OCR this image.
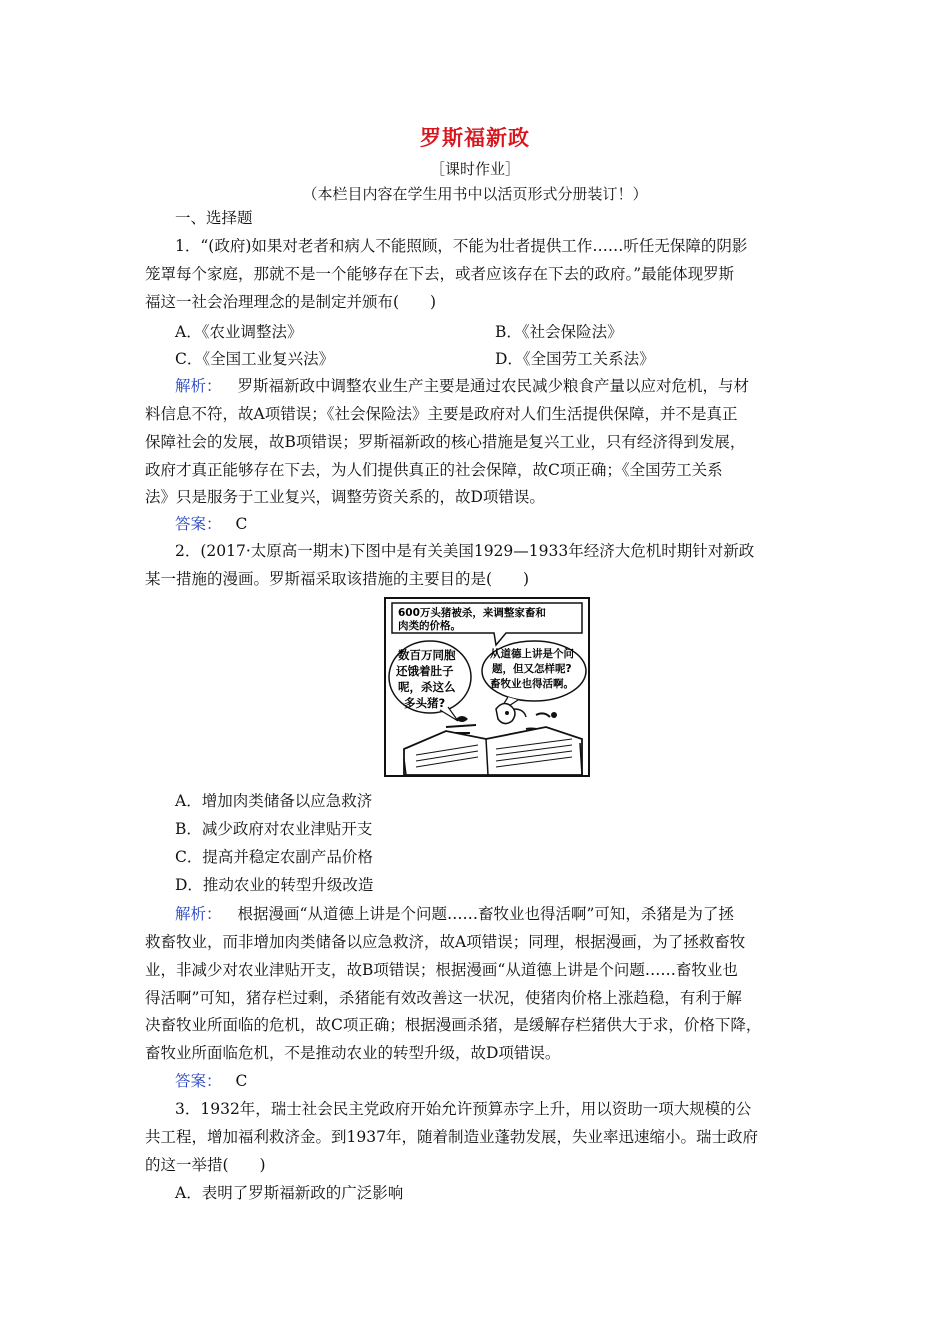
罗斯福新政
［课时作业］
（本栏目内容在学生用书中以活页形式分册装订！）
一、选择题
1．“(政府)如果对老者和病人不能照顾，不能为壮者提供工作……听任无保障的阴影
笼罩每个家庭，那就不是一个能够存在下去，或者应该存在下去的政府。”最能体现罗斯
福这一社会治理理念的是制定并颁布(　　)
A．《农业调整法》	B．《社会保险法》
C．《全国工业复兴法》	D．《全国劳工关系法》
解析： 罗斯福新政中调整农业生产主要是通过农民减少粮食产量以应对危机，与材
料信息不符，故A项错误；《社会保险法》主要是政府对人们生活提供保障，并不是真正
保障社会的发展，故B项错误；罗斯福新政的核心措施是复兴工业，只有经济得到发展，
政府才真正能够存在下去，为人们提供真正的社会保障，故C项正确；《全国劳工关系
法》只是服务于工业复兴，调整劳资关系的，故D项错误。
答案： C
2．(2017·太原高一期末)下图中是有关美国1929—1933年经济大危机时期针对新政
某一措施的漫画。罗斯福采取该措施的主要目的是(　　)
600万头猪被杀，来调整家畜和
肉类的价格。
数百万同胞
还饿着肚子
呢，杀这么
多头猪?
从道德上讲是个问
题，但又怎样呢?
畜牧业也得活啊。
A．增加肉类储备以应急救济
B．减少政府对农业津贴开支
C．提高并稳定农副产品价格
D．推动农业的转型升级改造
解析： 根据漫画“从道德上讲是个问题……畜牧业也得活啊”可知，杀猪是为了拯
救畜牧业，而非增加肉类储备以应急救济，故A项错误；同理，根据漫画，为了拯救畜牧
业，非减少对农业津贴开支，故B项错误；根据漫画“从道德上讲是个问题……畜牧业也
得活啊”可知，猪存栏过剩，杀猪能有效改善这一状况，使猪肉价格上涨趋稳，有利于解
决畜牧业所面临的危机，故C项正确；根据漫画杀猪，是缓解存栏猪供大于求，价格下降，
畜牧业所面临危机，不是推动农业的转型升级，故D项错误。
答案： C
3．1932年，瑞士社会民主党政府开始允许预算赤字上升，用以资助一项大规模的公
共工程，增加福利救济金。到1937年，随着制造业蓬勃发展，失业率迅速缩小。瑞士政府
的这一举措(　　)
A．表明了罗斯福新政的广泛影响
